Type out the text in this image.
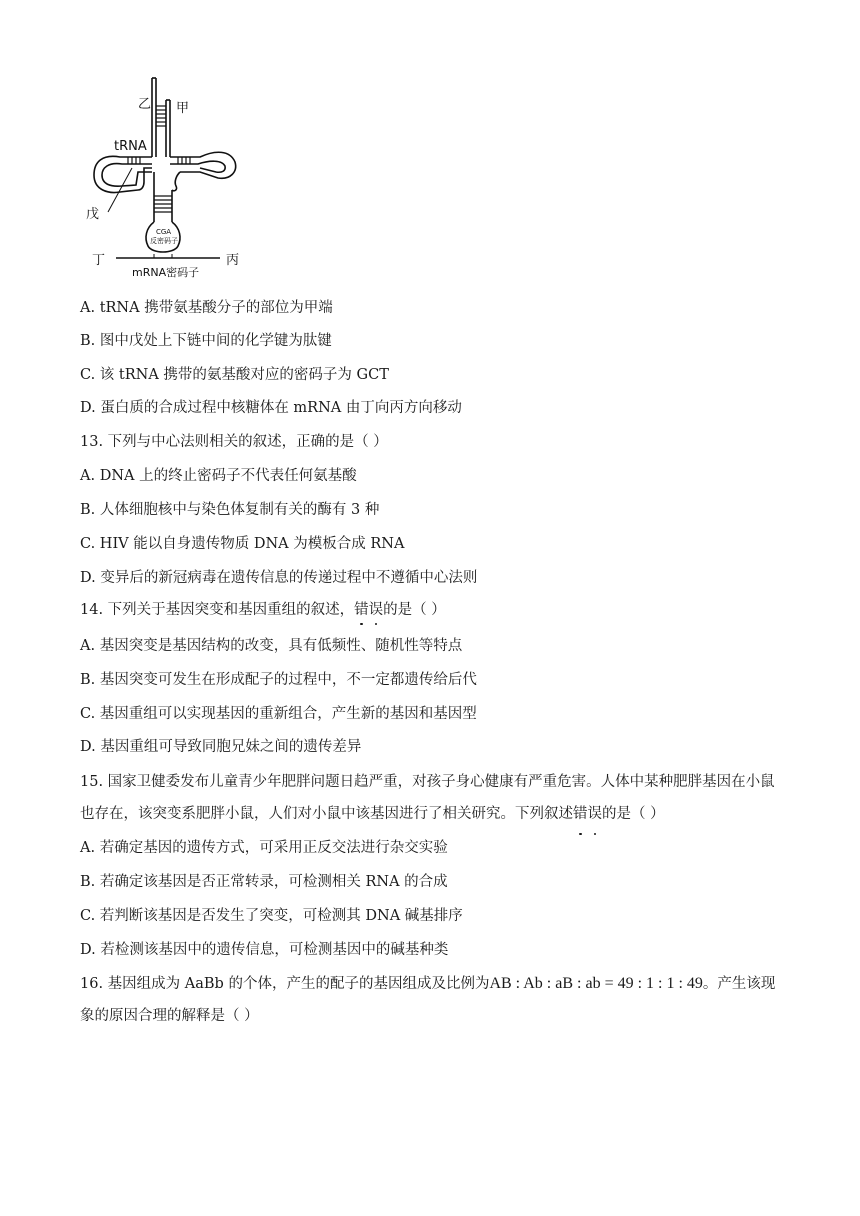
乙 甲
tRNA
戊
CGA
反密码子
丁	丙
mRNA密码子
A. tRNA 携带氨基酸分子的部位为甲端
B. 图中戊处上下链中间的化学键为肽键
C. 该 tRNA 携带的氨基酸对应的密码子为 GCT
D. 蛋白质的合成过程中核糖体在 mRNA 由丁向丙方向移动
13. 下列与中心法则相关的叙述，正确的是（ ）
A. DNA 上的终止密码子不代表任何氨基酸
B. 人体细胞核中与染色体复制有关的酶有 3 种
C. HIV 能以自身遗传物质 DNA 为模板合成 RNA
D. 变异后的新冠病毒在遗传信息的传递过程中不遵循中心法则
14. 下列关于基因突变和基因重组的叙述，错误的是（ ）
A. 基因突变是基因结构的改变，具有低频性、随机性等特点
B. 基因突变可发生在形成配子的过程中，不一定都遗传给后代
C. 基因重组可以实现基因的重新组合，产生新的基因和基因型
D. 基因重组可导致同胞兄妹之间的遗传差异
15. 国家卫健委发布儿童青少年肥胖问题日趋严重，对孩子身心健康有严重危害。人体中某种肥胖基因在小鼠也存在，该突变系肥胖小鼠，人们对小鼠中该基因进行了相关研究。下列叙述错误的是（ ）
A. 若确定基因的遗传方式，可采用正反交法进行杂交实验
B. 若确定该基因是否正常转录，可检测相关 RNA 的合成
C. 若判断该基因是否发生了突变，可检测其 DNA 碱基排序
D. 若检测该基因中的遗传信息，可检测基因中的碱基种类
16. 基因组成为 AaBb 的个体，产生的配子的基因组成及比例为AB : Ab : aB : ab = 49 : 1 : 1 : 49。产生该现象的原因合理的解释是（ ）
